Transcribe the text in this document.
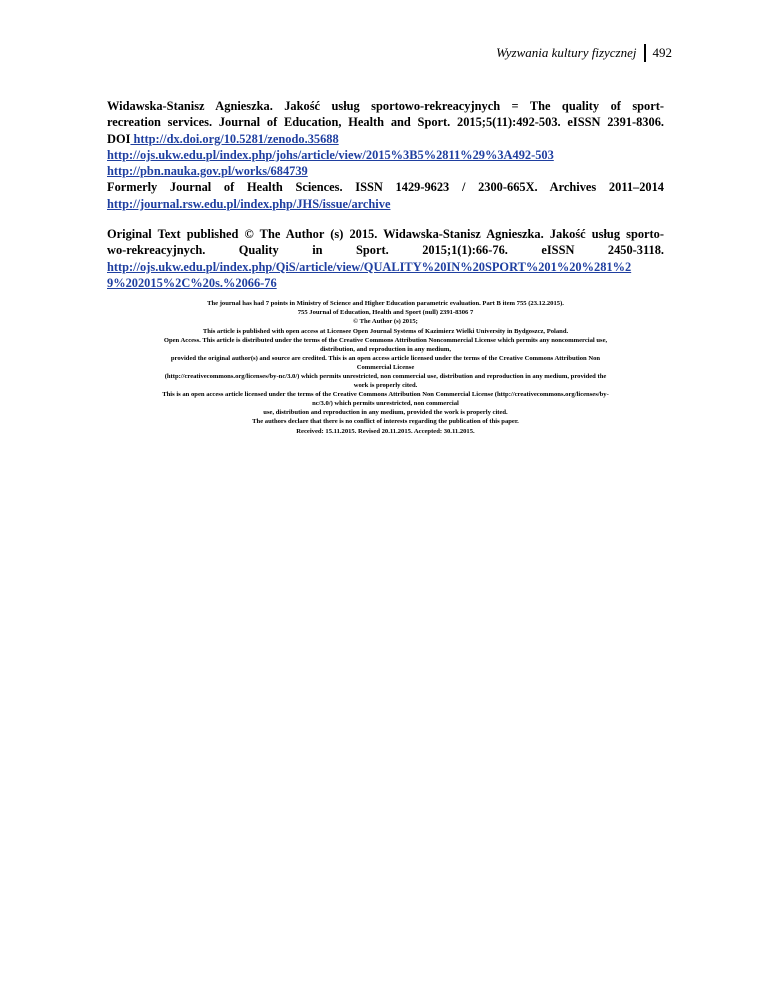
Wyzwania kultury fizycznej	492
Widawska-Stanisz Agnieszka. Jakość usług sportowo-rekreacyjnych = The quality of sport-
recreation services. Journal of Education, Health and Sport. 2015;5(11):492-503. eISSN 2391-8306.
DOI http://dx.doi.org/10.5281/zenodo.35688
http://ojs.ukw.edu.pl/index.php/johs/article/view/2015%3B5%2811%29%3A492-503
http://pbn.nauka.gov.pl/works/684739
Formerly Journal of Health Sciences. ISSN 1429-9623 / 2300-665X. Archives 2011–2014
http://journal.rsw.edu.pl/index.php/JHS/issue/archive
Original Text published © The Author (s) 2015. Widawska-Stanisz Agnieszka. Jakość usług sporto-
wo-rekreacyjnych. Quality in Sport. 2015;1(1):66-76. eISSN 2450-3118.
http://ojs.ukw.edu.pl/index.php/QiS/article/view/QUALITY%20IN%20SPORT%201%20%281%2
9%202015%2C%20s.%2066-76
The journal has had 7 points in Ministry of Science and Higher Education parametric evaluation. Part B item 755 (23.12.2015).
755 Journal of Education, Health and Sport (null) 2391-8306 7
© The Author (s) 2015;
This article is published with open access at Licensee Open Journal Systems of Kazimierz Wielki University in Bydgoszcz, Poland.
Open Access. This article is distributed under the terms of the Creative Commons Attribution Noncommercial License which permits any noncommercial use,
distribution, and reproduction in any medium,
provided the original author(s) and source are credited. This is an open access article licensed under the terms of the Creative Commons Attribution Non
Commercial License
(http://creativecommons.org/licenses/by-nc/3.0/) which permits unrestricted, non commercial use, distribution and reproduction in any medium, provided the
work is properly cited.
This is an open access article licensed under the terms of the Creative Commons Attribution Non Commercial License (http://creativecommons.org/licenses/by-
nc/3.0/) which permits unrestricted, non commercial
use, distribution and reproduction in any medium, provided the work is properly cited.
The authors declare that there is no conflict of interests regarding the publication of this paper.
Received: 15.11.2015. Revised 20.11.2015. Accepted: 30.11.2015.
